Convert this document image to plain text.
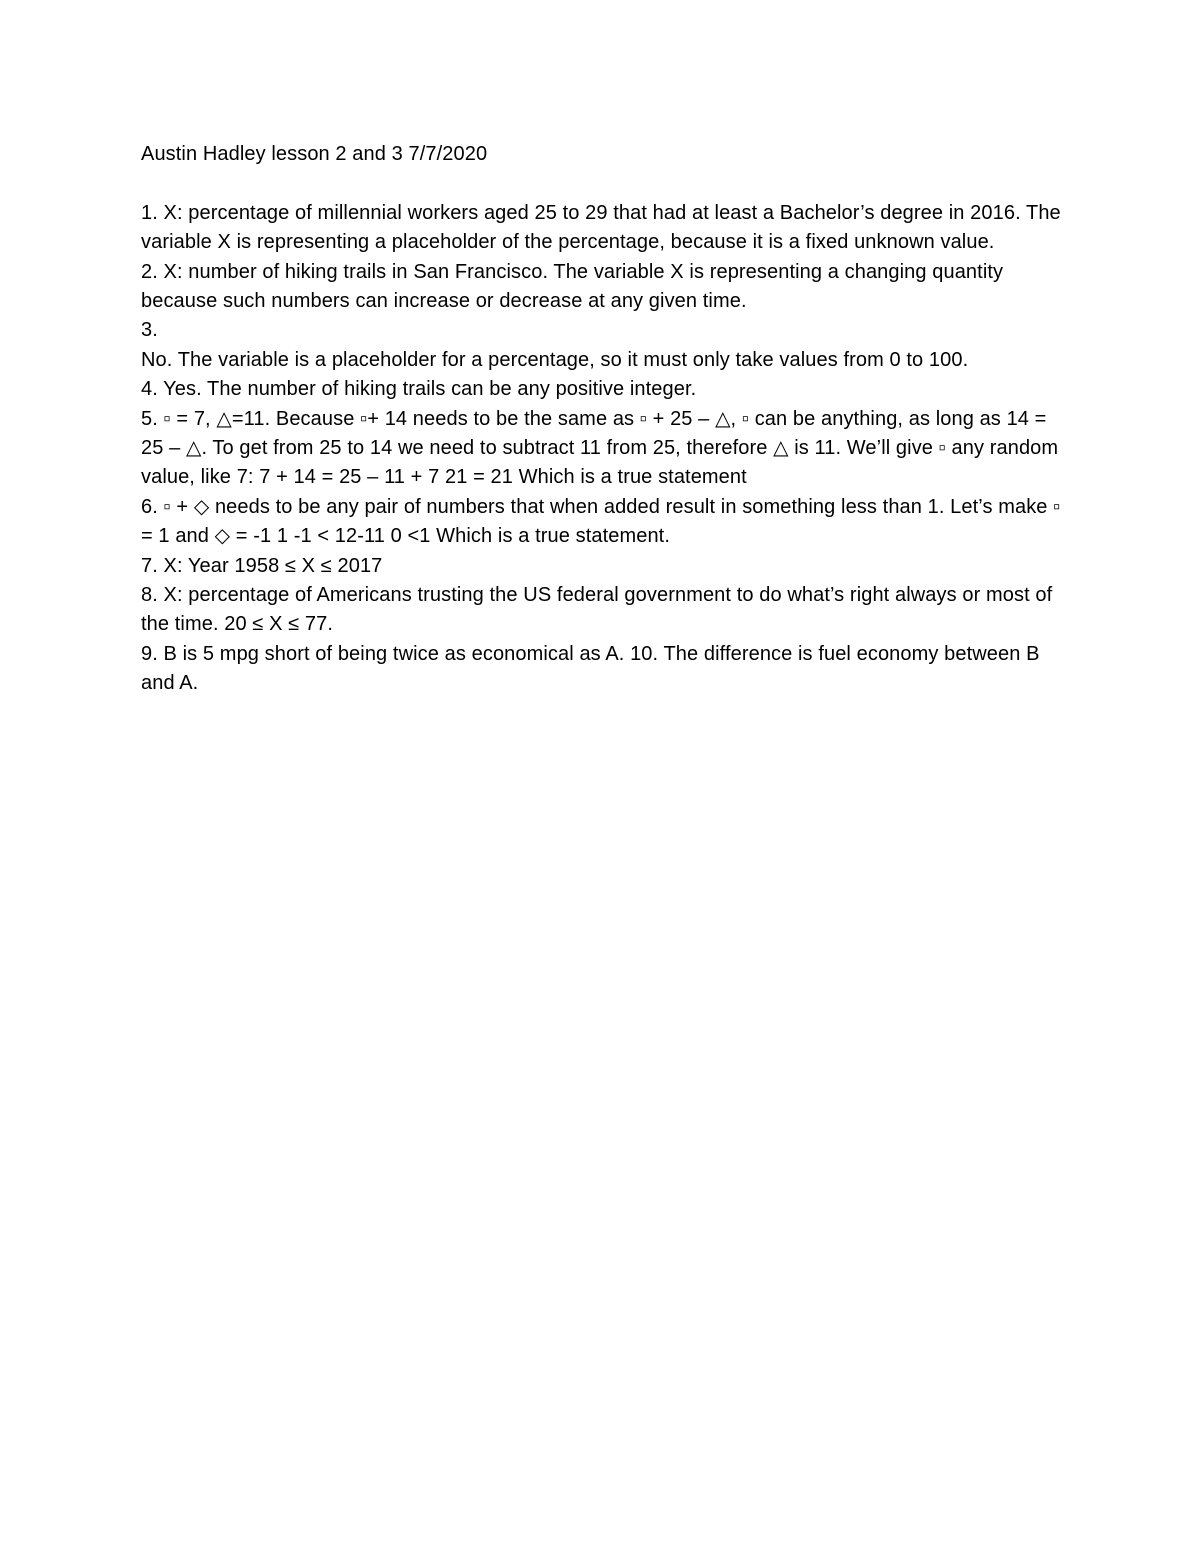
Austin Hadley lesson 2 and 3 7/7/2020

1. X: percentage of millennial workers aged 25 to 29 that had at least a Bachelor’s degree in 2016. The variable X is representing a placeholder of the percentage, because it is a fixed unknown value.

2. X: number of hiking trails in San Francisco. The variable X is representing a changing quantity because such numbers can increase or decrease at any given time.

3.

No. The variable is a placeholder for a percentage, so it must only take values from 0 to 100.

4. Yes. The number of hiking trails can be any positive integer.

5. ▫ = 7, △=11. Because ▫+ 14 needs to be the same as ▫ + 25 – △, ▫ can be anything, as long as 14 = 25 – △. To get from 25 to 14 we need to subtract 11 from 25, therefore △ is 11. We’ll give ▫ any random value, like 7: 7 + 14 = 25 – 11 + 7 21 = 21 Which is a true statement

6. ▫ + ◇ needs to be any pair of numbers that when added result in something less than 1. Let’s make ▫ = 1 and ◇ = -1 1 -1 < 12-11 0 <1 Which is a true statement.

7. X: Year 1958 ≤ X ≤ 2017

8. X: percentage of Americans trusting the US federal government to do what’s right always or most of the time. 20 ≤ X ≤ 77.

9. B is 5 mpg short of being twice as economical as A. 10. The difference is fuel economy between B and A.
